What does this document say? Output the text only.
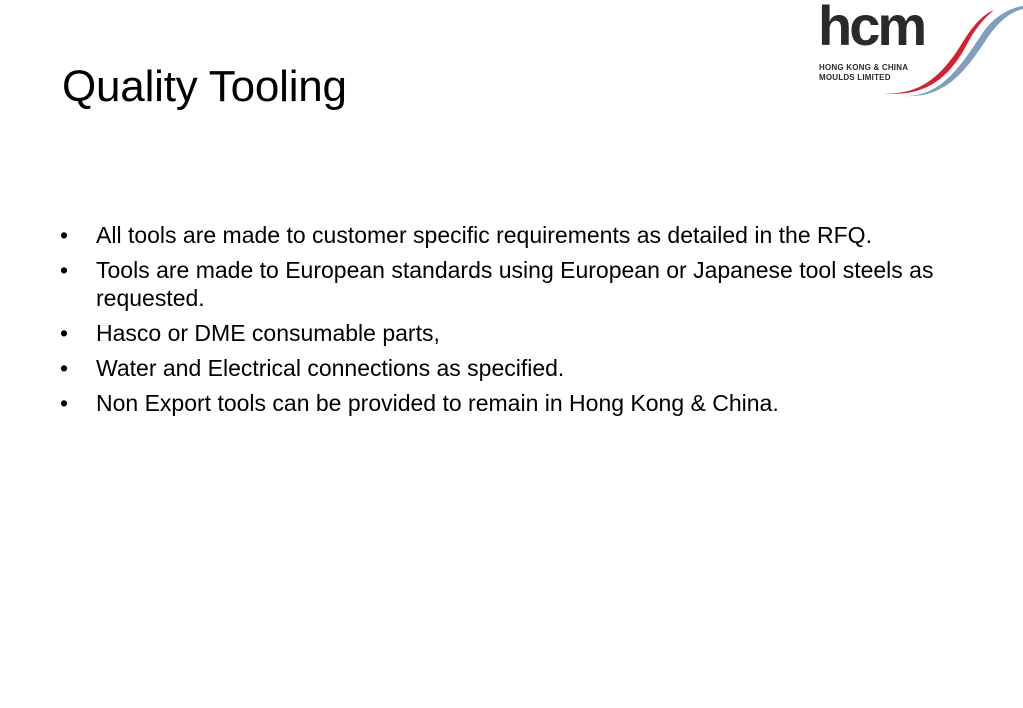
Quality Tooling
hcm
HONG KONG & CHINA
MOULDS LIMITED
• All tools are made to customer specific requirements as detailed in the RFQ.
• Tools are made to European standards using European or Japanese tool steels as requested.
• Hasco or DME consumable parts,
• Water and Electrical connections as specified.
• Non Export tools can be provided to remain in Hong Kong & China.
